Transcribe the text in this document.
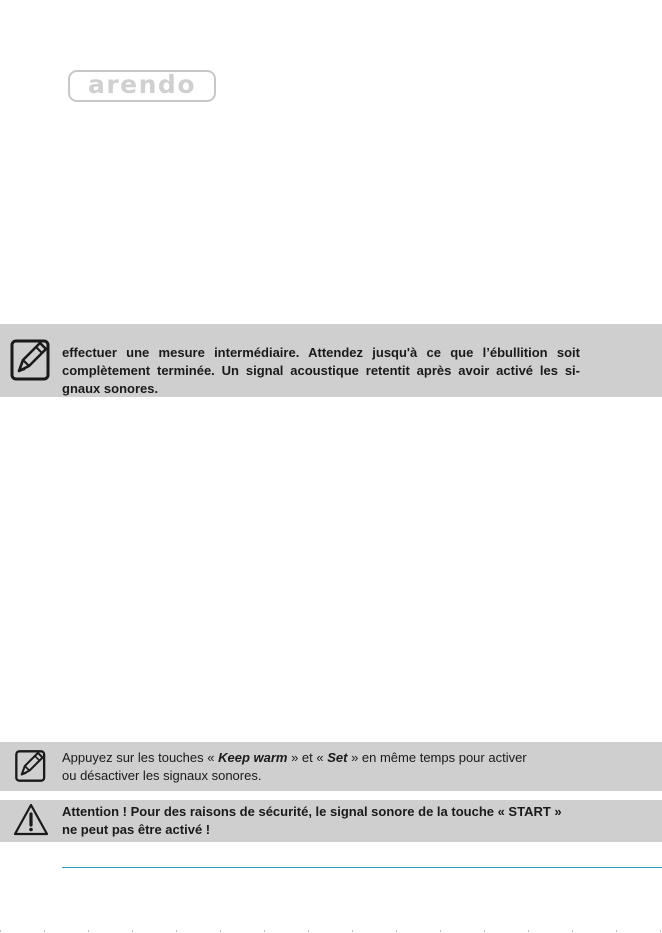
arendo
effectuer une mesure intermédiaire. Attendez jusqu'à ce que l’ébullition soit
complètement terminée. Un signal acoustique retentit après avoir activé les si-
gnaux sonores.
Appuyez sur les touches « Keep warm » et « Set » en même temps pour activer
ou désactiver les signaux sonores.
Attention ! Pour des raisons de sécurité, le signal sonore de la touche « START »
ne peut pas être activé !
